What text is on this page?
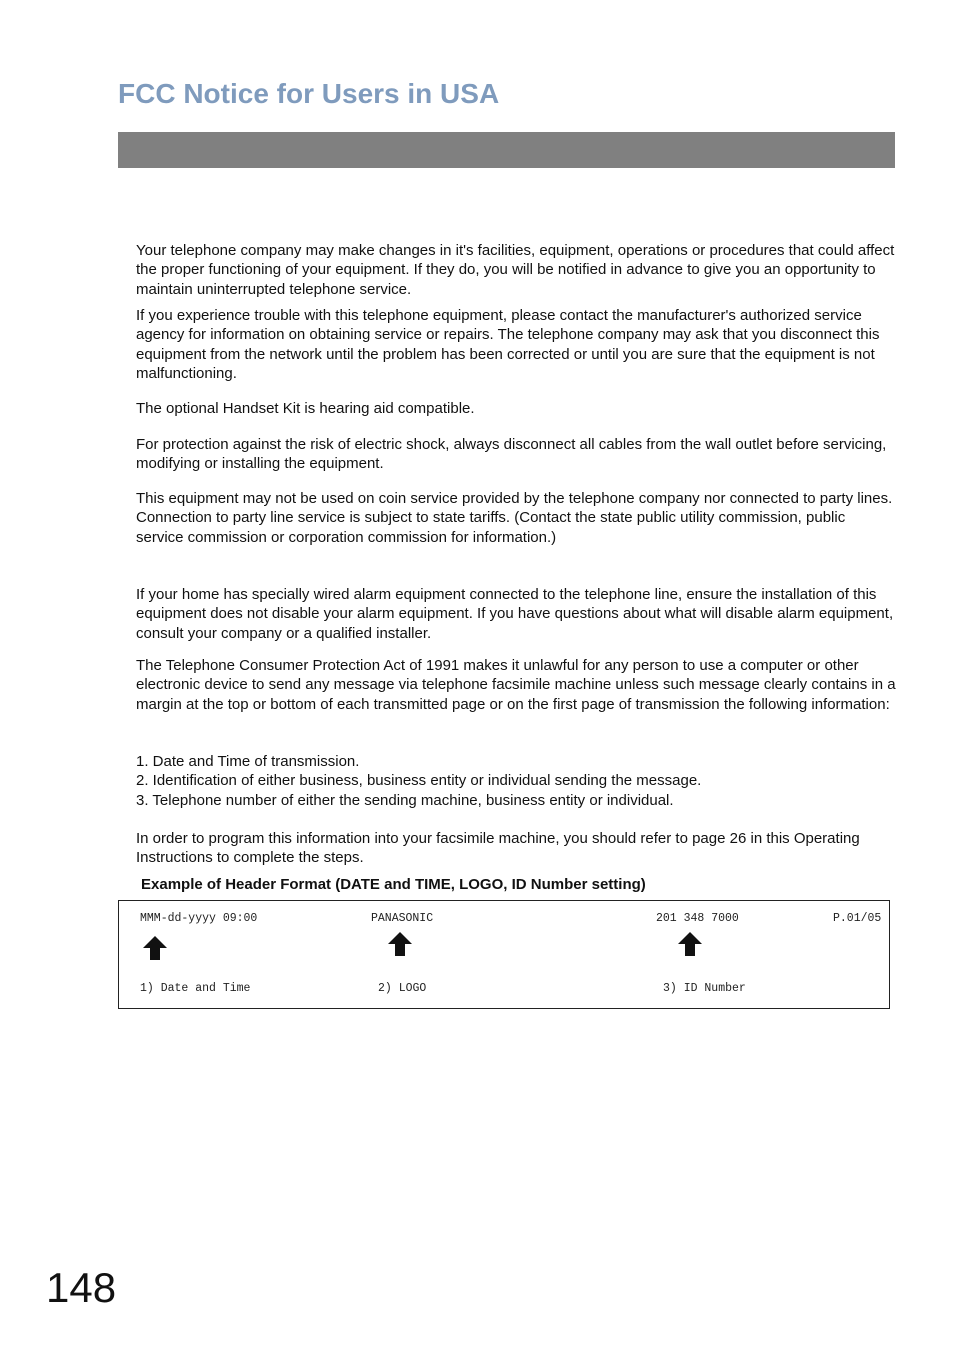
FCC Notice for Users in USA

Your telephone company may make changes in it's facilities, equipment, operations or procedures that could affect the proper functioning of your equipment. If they do, you will be notified in advance to give you an opportunity to maintain uninterrupted telephone service.

If you experience trouble with this telephone equipment, please contact the manufacturer's authorized service agency for information on obtaining service or repairs. The telephone company may ask that you disconnect this equipment from the network until the problem has been corrected or until you are sure that the equipment is not malfunctioning.

The optional Handset Kit is hearing aid compatible.

For protection against the risk of electric shock, always disconnect all cables from the wall outlet before servicing, modifying or installing the equipment.

This equipment may not be used on coin service provided by the telephone company nor connected to party lines.

Connection to party line service is subject to state tariffs. (Contact the state public utility commission, public service commission or corporation commission for information.)

If your home has specially wired alarm equipment connected to the telephone line, ensure the installation of this equipment does not disable your alarm equipment. If you have questions about what will disable alarm equipment, consult your company or a qualified installer.

The Telephone Consumer Protection Act of 1991 makes it unlawful for any person to use a computer or other electronic device to send any message via telephone facsimile machine unless such message clearly contains in a margin at the top or bottom of each transmitted page or on the first page of transmission the following information:

1. Date and Time of transmission.

2. Identification of either business, business entity or individual sending the message.

3. Telephone number of either the sending machine, business entity or individual.

In order to program this information into your facsimile machine, you should refer to page 26 in this Operating Instructions to complete the steps.

Example of Header Format (DATE and TIME, LOGO, ID Number setting)
MMM-dd-yyyy 09:00	PANASONIC	201 348 7000	P.01/05
1) Date and Time	2) LOGO	3) ID Number
148
